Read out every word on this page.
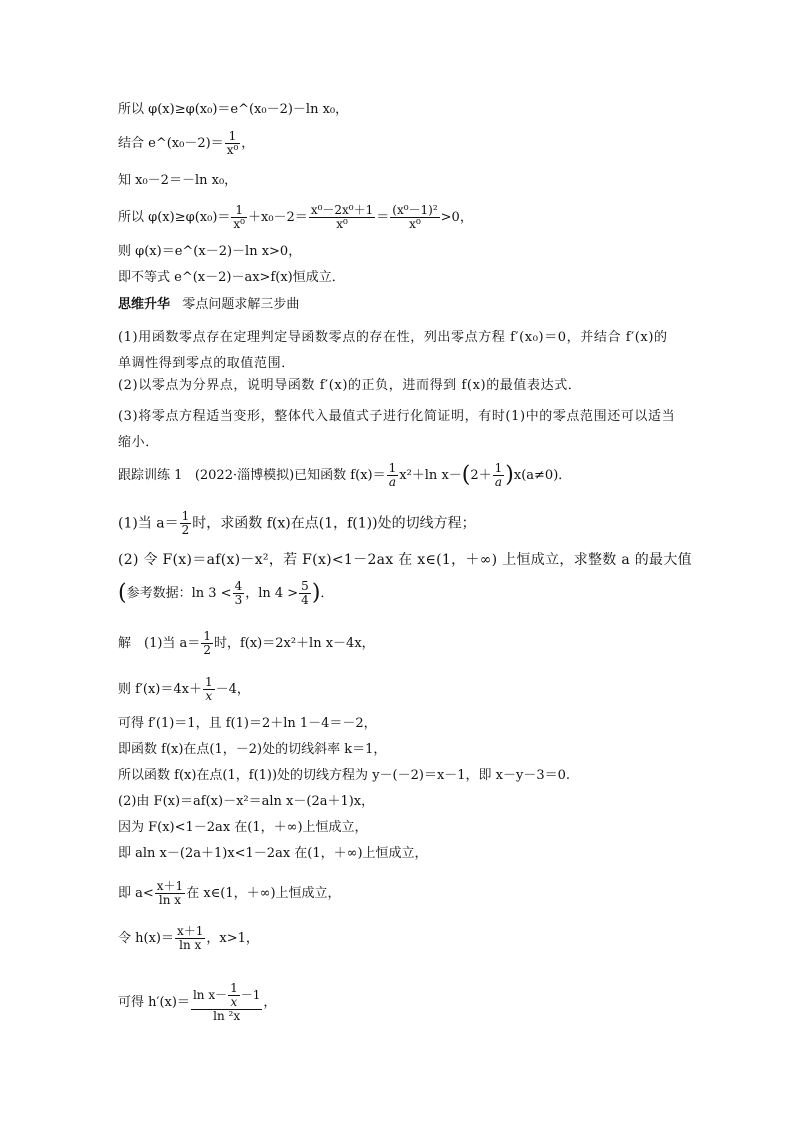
所以 φ(x)≥φ(x₀)＝e^(x₀－2)－ln x₀，
结合 e^(x₀－2)＝ $\frac{1}{\text{x⁰}}$ ，
知 x₀－2＝－ln x₀，
所以 $\varphi(x)\ge\varphi(x_0)= \frac{1}{\text{x⁰}} +x_0-2= \frac{\text{x⁰－2x⁰＋1}}{\text{x⁰}} = \frac{\text{(x⁰－1)²}}{\text{x⁰}} >0$，
则 φ(x)＝e^(x－2)－ln x>0，
即不等式 e^(x－2)－ax>f(x)恒成立．
思维升华 零点问题求解三步曲
(1)用函数零点存在定理判定导函数零点的存在性，列出零点方程 f′(x₀)＝0，并结合 f′(x)的单调性得到零点的取值范围．
(2)以零点为分界点，说明导函数 f′(x)的正负，进而得到 f(x)的最值表达式．
(3)将零点方程适当变形，整体代入最值式子进行化简证明，有时(1)中的零点范围还可以适当缩小．
跟踪训练 1 (2022·淄博模拟)已知函数 $f(x)= \frac{1}{a} x^2+\ln$ $x-(2+ \frac{1}{a} )x(a\ne 0)$．
(1)当 $a= \frac{1}{2}$ 时，求函数 f(x)在点(1，f(1))处的切线方程；
(2) 令 F(x)＝af(x)－x²，若 F(x)<1－2ax 在 x∈(1，＋∞) 上恒成立，求整数 a 的最大值
(参考数据：$\ln 3 < \frac{4}{3}$ ，$\ln 4 > \frac{5}{4}$ )．
解　(1)当 $a= \frac{1}{2}$ 时，f(x)＝2x²＋ln x－4x，
则 $f'(x)=4x+ \frac{1}{x} -4$，
可得 f′(1)＝1，且 f(1)＝2＋ln 1－4＝－2，
即函数 f(x)在点(1，－2)处的切线斜率 k＝1，
所以函数 f(x)在点(1，f(1))处的切线方程为 y－(－2)＝x－1，即 x－y－3＝0.
(2)由 F(x)＝af(x)－x²＝aln x－(2a＋1)x，
因为 F(x)<1－2ax 在(1，＋∞)上恒成立，
即 aln x－(2a＋1)x<1－2ax 在(1，＋∞)上恒成立，
即 $a< \frac{x+1}{\text{ln x}}$ 在 x∈(1，＋∞)上恒成立，
令 $h(x)= \frac{x+1}{\text{ln x}}$ ，x>1，
可得 $h'(x)= \frac{\ln x- \frac{1}{x} -1}{\text{ln ²x}}$ ，
